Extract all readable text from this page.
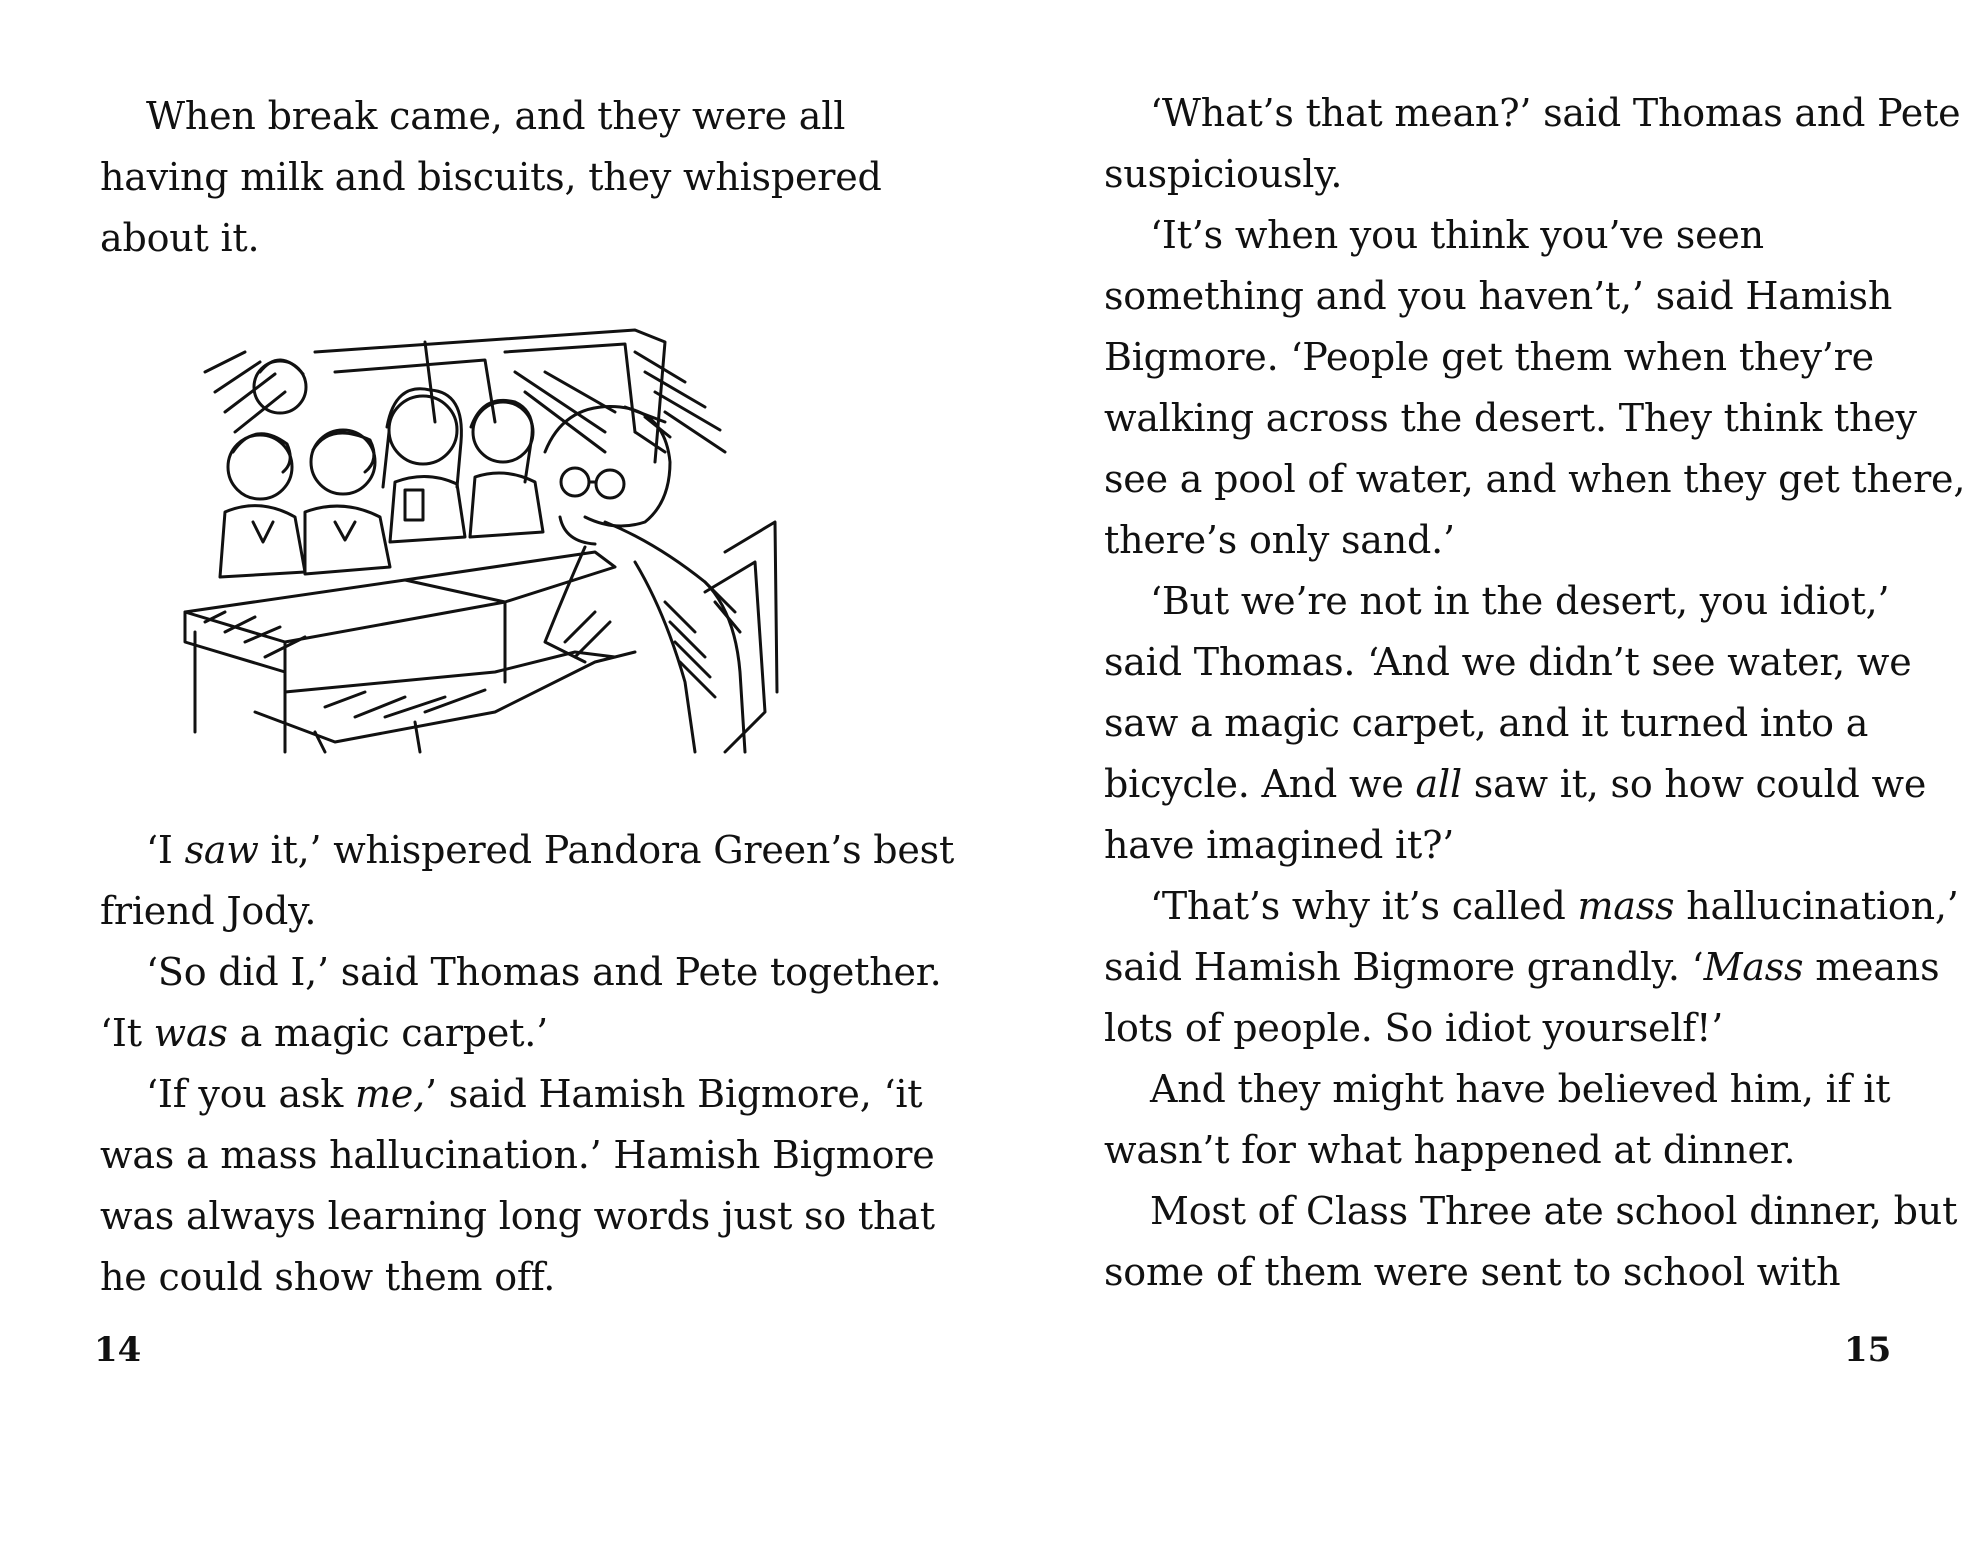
When break came, and they were all
having milk and biscuits, they whispered
about it.
‘I saw it,’ whispered Pandora Green’s best
friend Jody.
‘So did I,’ said Thomas and Pete together.
‘It was a magic carpet.’
‘If you ask me,’ said Hamish Bigmore, ‘it
was a mass hallucination.’ Hamish Bigmore
was always learning long words just so that
he could show them off.
14
‘What’s that mean?’ said Thomas and Pete
suspiciously.
‘It’s when you think you’ve seen
something and you haven’t,’ said Hamish
Bigmore. ‘People get them when they’re
walking across the desert. They think they
see a pool of water, and when they get there,
there’s only sand.’
‘But we’re not in the desert, you idiot,’
said Thomas. ‘And we didn’t see water, we
saw a magic carpet, and it turned into a
bicycle. And we all saw it, so how could we
have imagined it?’
‘That’s why it’s called mass hallucination,’
said Hamish Bigmore grandly. ‘Mass means
lots of people. So idiot yourself!’
And they might have believed him, if it
wasn’t for what happened at dinner.
Most of Class Three ate school dinner, but
some of them were sent to school with
15
